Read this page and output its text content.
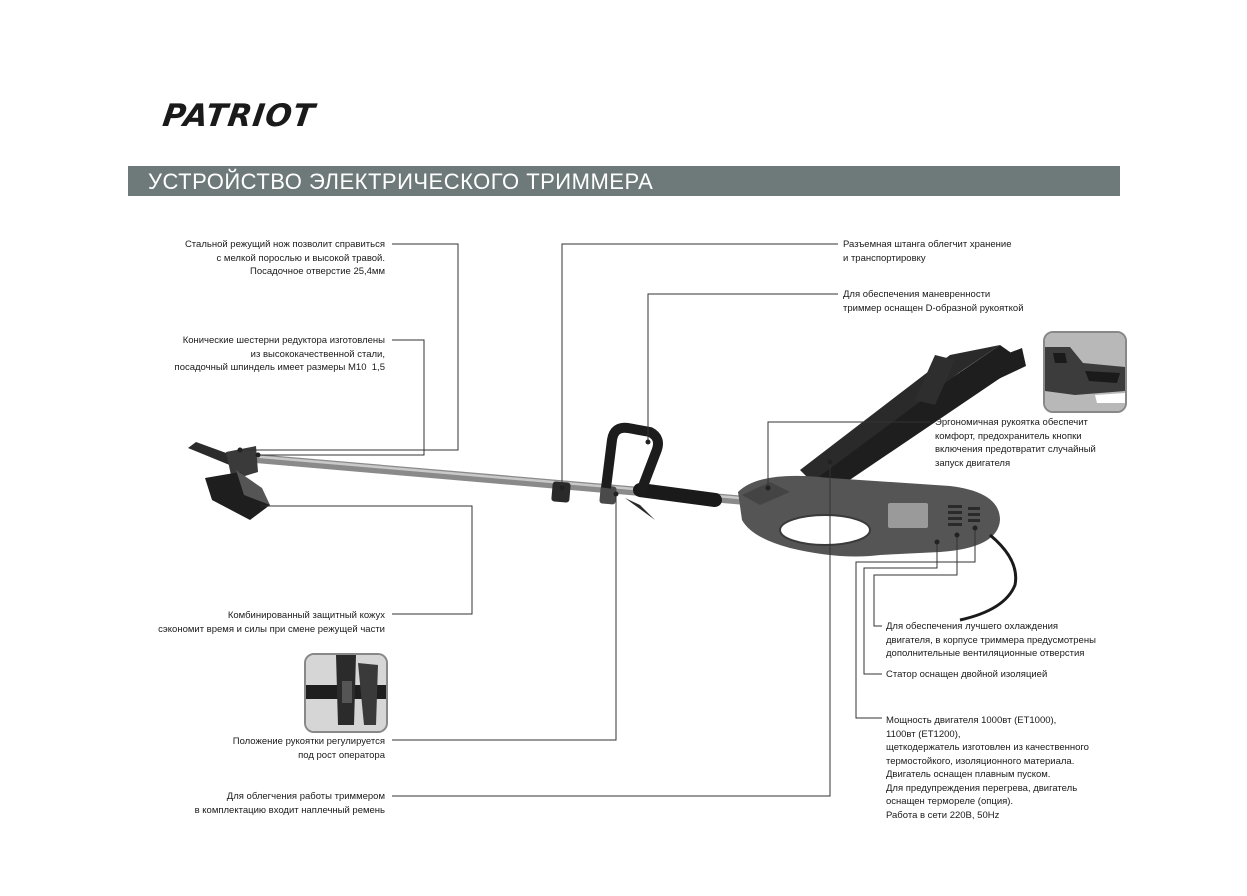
PATRIOT
УСТРОЙСТВО ЭЛЕКТРИЧЕСКОГО ТРИММЕРА
Стальной режущий нож позволит справиться
с мелкой порослью и высокой травой.
Посадочное отверстие 25,4мм
Конические шестерни редуктора изготовлены
из высококачественной стали,
посадочный шпиндель имеет размеры М10  1,5
Комбинированный защитный кожух
сэкономит время и силы при смене режущей части
Положение рукоятки регулируется
под рост оператора
Для облегчения работы триммером
в комплектацию входит наплечный ремень
Разъемная штанга облегчит хранение
и транспортировку
Для обеспечения маневренности
триммер оснащен D-образной рукояткой
Эргономичная рукоятка обеспечит
комфорт, предохранитель кнопки
включения предотвратит случайный
запуск двигателя
Для обеспечения лучшего охлаждения
двигателя, в корпусе триммера предусмотрены
дополнительные вентиляционные отверстия
Статор оснащен двойной изоляцией
Мощность двигателя 1000вт (ЕТ1000),
1100вт (ЕТ1200),
щеткодержатель изготовлен из качественного
термостойкого, изоляционного материала.
Двигатель оснащен плавным пуском.
Для предупреждения перегрева, двигатель
оснащен термореле (опция).
Работа в сети 220В, 50Hz
